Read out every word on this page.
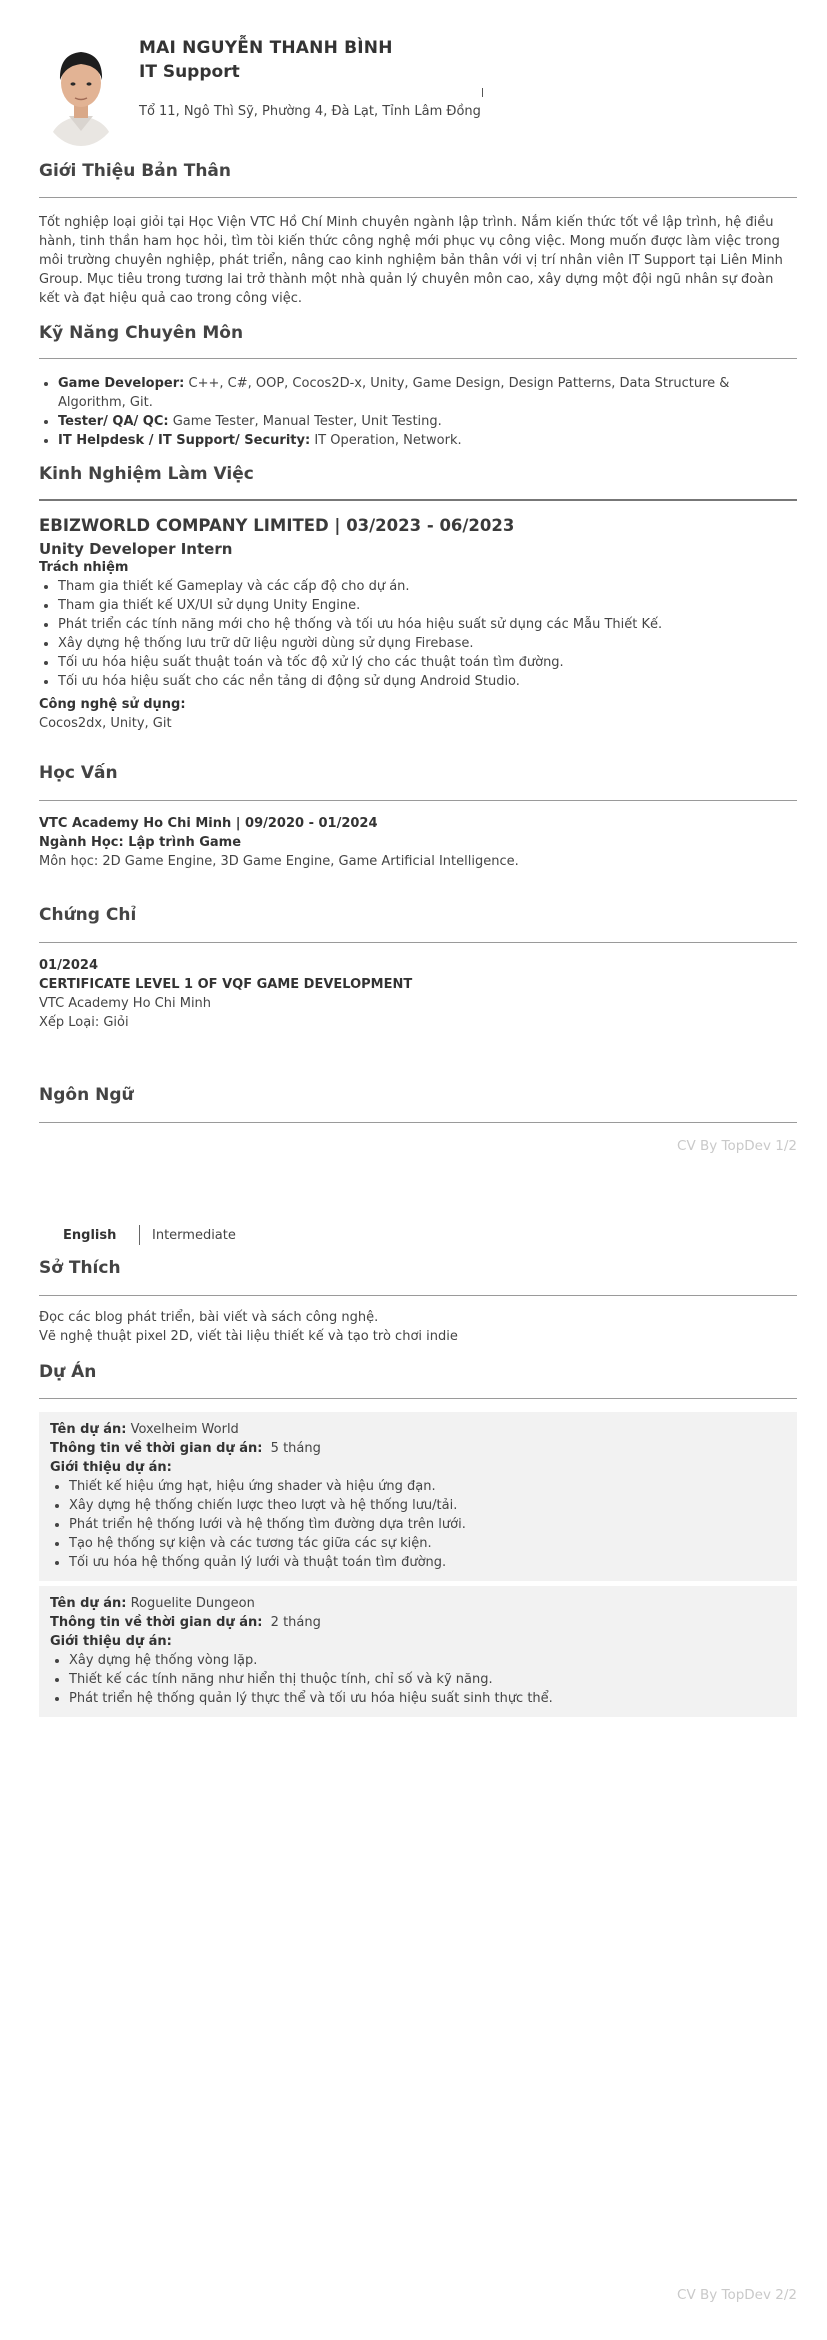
MAI NGUYỄN THANH BÌNH
IT Support
Tổ 11, Ngô Thì Sỹ, Phường 4, Đà Lạt, Tỉnh Lâm Đồng
Giới Thiệu Bản Thân
Tốt nghiệp loại giỏi tại Học Viện VTC Hồ Chí Minh chuyên ngành lập trình. Nắm kiến thức tốt về lập trình, hệ điều hành, tinh thần ham học hỏi, tìm tòi kiến thức công nghệ mới phục vụ công việc. Mong muốn được làm việc trong môi trường chuyên nghiệp, phát triển, nâng cao kinh nghiệm bản thân với vị trí nhân viên IT Support tại Liên Minh Group. Mục tiêu trong tương lai trở thành một nhà quản lý chuyên môn cao, xây dựng một đội ngũ nhân sự đoàn kết và đạt hiệu quả cao trong công việc.
Kỹ Năng Chuyên Môn
• Game Developer: C++, C#, OOP, Cocos2D-x, Unity, Game Design, Design Patterns, Data Structure & Algorithm, Git.
• Tester/ QA/ QC: Game Tester, Manual Tester, Unit Testing.
• IT Helpdesk / IT Support/ Security: IT Operation, Network.
Kinh Nghiệm Làm Việc
EBIZWORLD COMPANY LIMITED | 03/2023 - 06/2023
Unity Developer Intern
Trách nhiệm
• Tham gia thiết kế Gameplay và các cấp độ cho dự án.
• Tham gia thiết kế UX/UI sử dụng Unity Engine.
• Phát triển các tính năng mới cho hệ thống và tối ưu hóa hiệu suất sử dụng các Mẫu Thiết Kế.
• Xây dựng hệ thống lưu trữ dữ liệu người dùng sử dụng Firebase.
• Tối ưu hóa hiệu suất thuật toán và tốc độ xử lý cho các thuật toán tìm đường.
• Tối ưu hóa hiệu suất cho các nền tảng di động sử dụng Android Studio.
Công nghệ sử dụng:
Cocos2dx, Unity, Git
Học Vấn
VTC Academy Ho Chi Minh | 09/2020 - 01/2024
Ngành Học: Lập trình Game
Môn học: 2D Game Engine, 3D Game Engine, Game Artificial Intelligence.
Chứng Chỉ
01/2024
CERTIFICATE LEVEL 1 OF VQF GAME DEVELOPMENT
VTC Academy Ho Chi Minh
Xếp Loại: Giỏi
Ngôn Ngữ
CV By TopDev 1/2
English	Intermediate
Sở Thích
Đọc các blog phát triển, bài viết và sách công nghệ.
Vẽ nghệ thuật pixel 2D, viết tài liệu thiết kế và tạo trò chơi indie
Dự Án
Tên dự án: Voxelheim World
Thông tin về thời gian dự án:  5 tháng
Giới thiệu dự án:
• Thiết kế hiệu ứng hạt, hiệu ứng shader và hiệu ứng đạn.
• Xây dựng hệ thống chiến lược theo lượt và hệ thống lưu/tải.
• Phát triển hệ thống lưới và hệ thống tìm đường dựa trên lưới.
• Tạo hệ thống sự kiện và các tương tác giữa các sự kiện.
• Tối ưu hóa hệ thống quản lý lưới và thuật toán tìm đường.
Tên dự án: Roguelite Dungeon
Thông tin về thời gian dự án:  2 tháng
Giới thiệu dự án:
• Xây dựng hệ thống vòng lặp.
• Thiết kế các tính năng như hiển thị thuộc tính, chỉ số và kỹ năng.
• Phát triển hệ thống quản lý thực thể và tối ưu hóa hiệu suất sinh thực thể.
CV By TopDev 2/2
